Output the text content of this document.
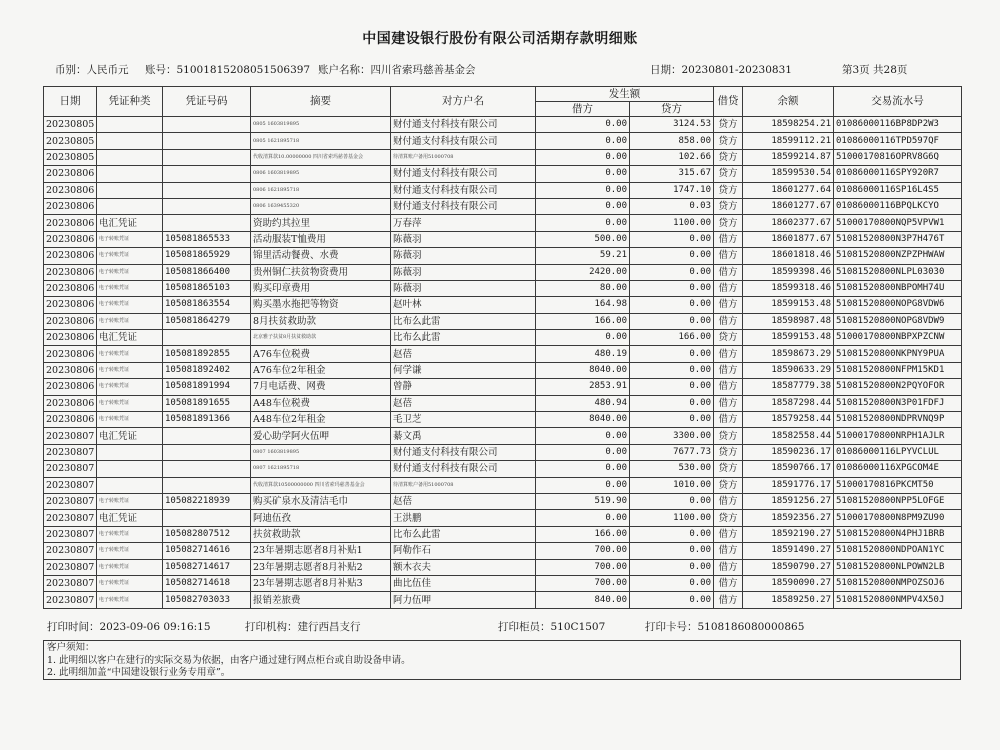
中国建设银行股份有限公司活期存款明细账
币别：人民币元 账号：51001815208051506397 账户名称：四川省索玛慈善基金会	日期：20230801-20230831	第3页 共28页
日期	凭证种类	凭证号码	摘要	对方户名	发生额		借贷	余额	交易流水号
					借方	贷方			
20230805			0805 1603819895	财付通支付科技有限公司	0.00	3124.53	贷方	18598254.21	01086000116BP8DP2W3
20230805			0805 1621895718	财付通支付科技有限公司	0.00	858.00	贷方	18599112.21	01086000116TPD597QF
20230805			代收清算款10.00000000 四川省索玛慈善基金会	待清算账户备用51000708	0.00	102.66	贷方	18599214.87	51000170816OPRV8G6Q
20230806			0806 1603819895	财付通支付科技有限公司	0.00	315.67	贷方	18599530.54	01086000116SPY920R7
20230806			0806 1621895718	财付通支付科技有限公司	0.00	1747.10	贷方	18601277.64	01086000116SP16L4S5
20230806			0806 1639455320	财付通支付科技有限公司	0.00	0.03	贷方	18601277.67	01086000116BPQLKCYO
20230806	电汇凭证		资助约其拉里	万春萍	0.00	1100.00	贷方	18602377.67	51000170800NQP5VPVW1
20230806	电子转账凭证	105081865533	活动服装T恤费用	陈薇羽	500.00	0.00	借方	18601877.67	51081520800N3P7H476T
20230806	电子转账凭证	105081865929	锦里活动餐费、水费	陈薇羽	59.21	0.00	借方	18601818.46	51081520800NZPZPHWAW
20230806	电子转账凭证	105081866400	贵州铜仁扶贫物资费用	陈薇羽	2420.00	0.00	借方	18599398.46	51081520800NLPL03030
20230806	电子转账凭证	105081865103	购买印章费用	陈薇羽	80.00	0.00	借方	18599318.46	51081520800NBPOMH74U
20230806	电子转账凭证	105081863554	购买墨水拖把等物资	赵叶林	164.98	0.00	借方	18599153.48	51081520800NOPG8VDW6
20230806	电子转账凭证	105081864279	8月扶贫救助款	比布么此雷	166.00	0.00	借方	18598987.48	51081520800NOPG8VDW9
20230806	电汇凭证		北京雅子扶贫8月扶贫救助款	比布么此雷	0.00	166.00	贷方	18599153.48	51000170800NBPXPZCNW
20230806	电子转账凭证	105081892855	A76车位税费	赵蓓	480.19	0.00	借方	18598673.29	51081520800NKPNY9PUA
20230806	电子转账凭证	105081892402	A76车位2年租金	何学谦	8040.00	0.00	借方	18590633.29	51081520800NFPM15KD1
20230806	电子转账凭证	105081891994	7月电话费、网费	曾静	2853.91	0.00	借方	18587779.38	51081520800N2PQYOFOR
20230806	电子转账凭证	105081891655	A48车位税费	赵蓓	480.94	0.00	借方	18587298.44	51081520800N3P01FDFJ
20230806	电子转账凭证	105081891366	A48车位2年租金	毛卫芝	8040.00	0.00	借方	18579258.44	51081520800NDPRVNQ9P
20230807	电汇凭证		爱心助学阿火伍呷	綦文禹	0.00	3300.00	贷方	18582558.44	51000170800NRPH1AJLR
20230807			0807 1603819895	财付通支付科技有限公司	0.00	7677.73	贷方	18590236.17	01086000116LPYVCLUL
20230807			0807 1621895718	财付通支付科技有限公司	0.00	530.00	贷方	18590766.17	01086000116XPGCOM4E
20230807			代收清算款10500000000 四川省索玛慈善基金会	待清算账户备用51000708	0.00	1010.00	贷方	18591776.17	51000170816PKCMT50
20230807	电子转账凭证	105082218939	购买矿泉水及清洁毛巾	赵蓓	519.90	0.00	借方	18591256.27	51081520800NPP5LOFGE
20230807	电汇凭证		阿迪伍孜	王洪鹏	0.00	1100.00	贷方	18592356.27	51000170800N8PM9ZU90
20230807	电子转账凭证	105082807512	扶贫救助款	比布么此雷	166.00	0.00	借方	18592190.27	51081520800N4PHJ1BRB
20230807	电子转账凭证	105082714616	23年暑期志愿者8月补贴1	阿勒作石	700.00	0.00	借方	18591490.27	51081520800NDPOAN1YC
20230807	电子转账凭证	105082714617	23年暑期志愿者8月补贴2	额木衣夫	700.00	0.00	借方	18590790.27	51081520800NLPOWN2LB
20230807	电子转账凭证	105082714618	23年暑期志愿者8月补贴3	曲比伍佳	700.00	0.00	借方	18590090.27	51081520800NMPOZSOJ6
20230807	电子转账凭证	105082703033	报销差旅费	阿力伍呷	840.00	0.00	借方	18589250.27	51081520800NMPV4X50J
打印时间：2023-09-06 09:16:15	打印机构：建行西昌支行	打印柜员：510C1507	打印卡号：5108186080000865
客户须知：
1. 此明细以客户在建行的实际交易为依据，由客户通过建行网点柜台或自助设备申请。
2. 此明细加盖“中国建设银行业务专用章”。
